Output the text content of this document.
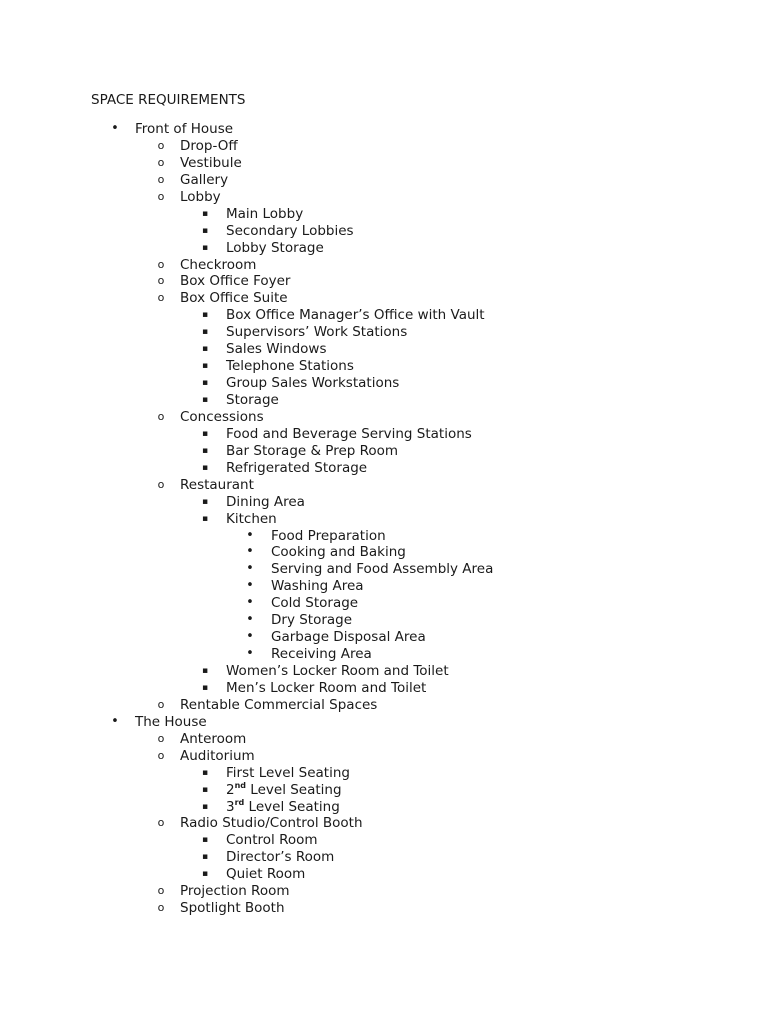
SPACE REQUIREMENTS
• Front of House
o Drop-Off
o Vestibule
o Gallery
o Lobby
▪ Main Lobby
▪ Secondary Lobbies
▪ Lobby Storage
o Checkroom
o Box Office Foyer
o Box Office Suite
▪ Box Office Manager’s Office with Vault
▪ Supervisors’ Work Stations
▪ Sales Windows
▪ Telephone Stations
▪ Group Sales Workstations
▪ Storage
o Concessions
▪ Food and Beverage Serving Stations
▪ Bar Storage & Prep Room
▪ Refrigerated Storage
o Restaurant
▪ Dining Area
▪ Kitchen
• Food Preparation
• Cooking and Baking
• Serving and Food Assembly Area
• Washing Area
• Cold Storage
• Dry Storage
• Garbage Disposal Area
• Receiving Area
▪ Women’s Locker Room and Toilet
▪ Men’s Locker Room and Toilet
o Rentable Commercial Spaces
• The House
o Anteroom
o Auditorium
▪ First Level Seating
▪ 2nd Level Seating
▪ 3rd Level Seating
o Radio Studio/Control Booth
▪ Control Room
▪ Director’s Room
▪ Quiet Room
o Projection Room
o Spotlight Booth
